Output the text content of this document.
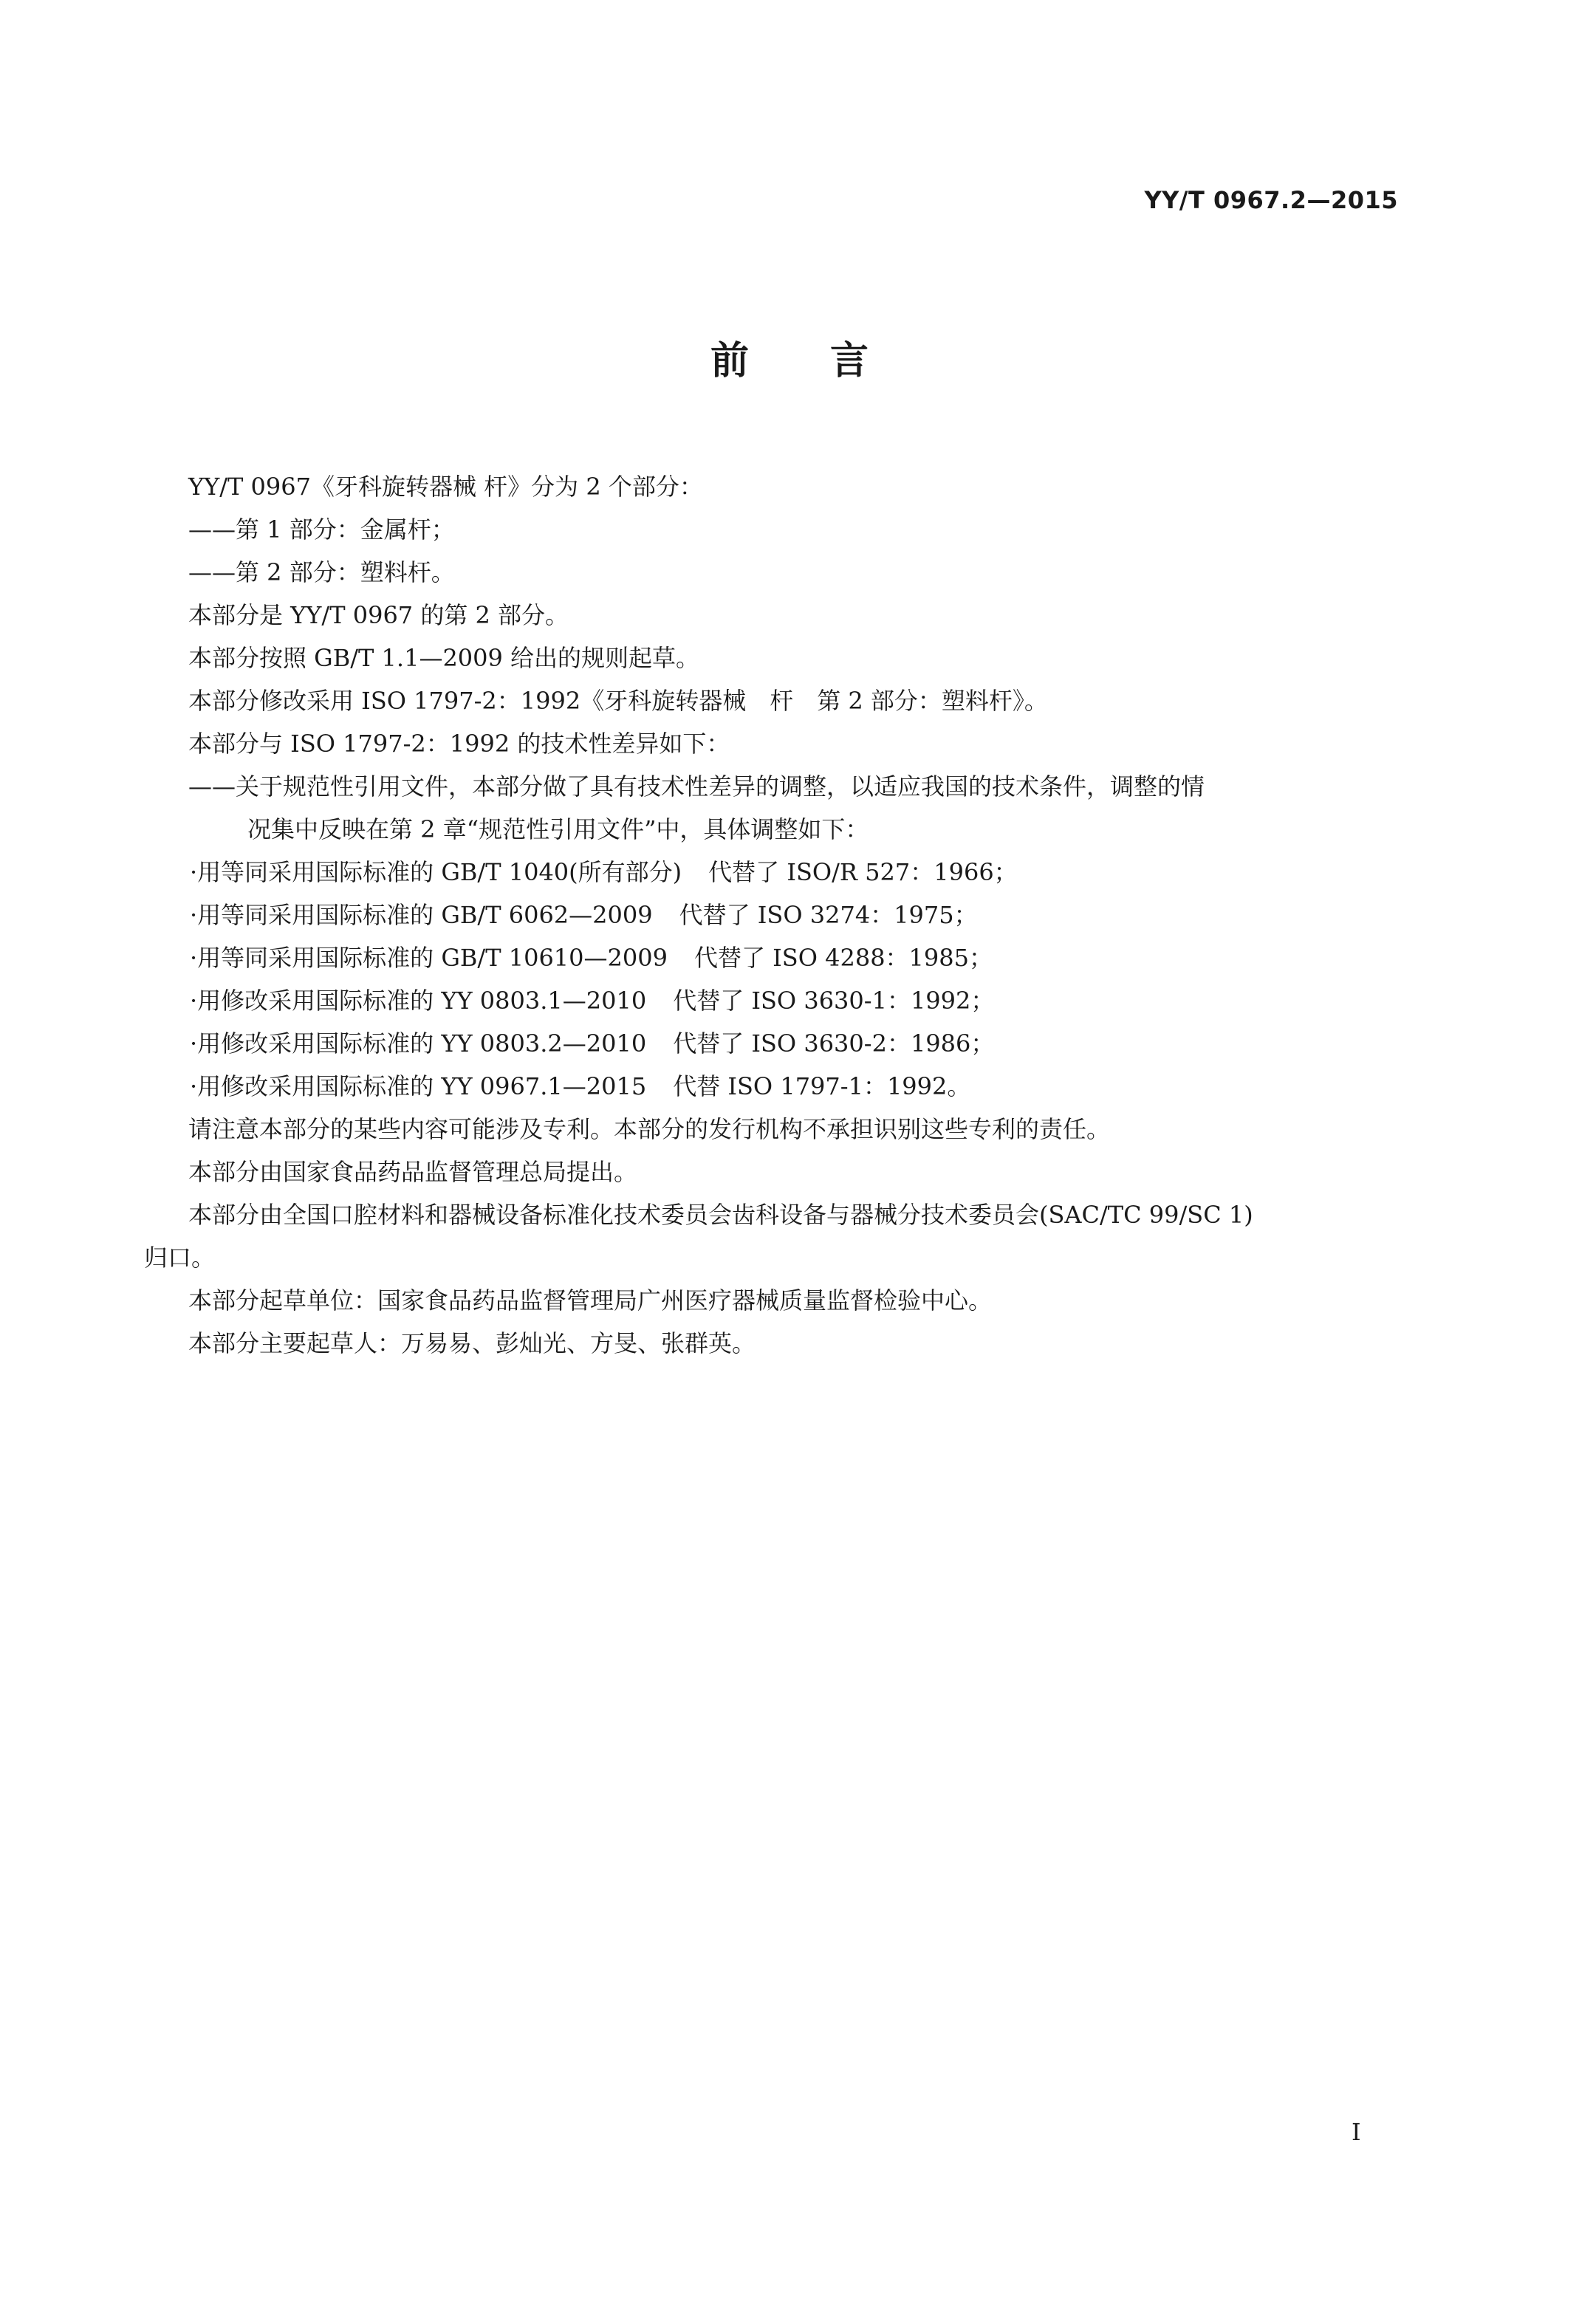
YY/T 0967.2—2015
前言

YY/T 0967《牙科旋转器械 杆》分为 2 个部分：

——第 1 部分：金属杆；

——第 2 部分：塑料杆。

本部分是 YY/T 0967 的第 2 部分。

本部分按照 GB/T 1.1—2009 给出的规则起草。

本部分修改采用 ISO 1797-2：1992《牙科旋转器械　杆　第 2 部分：塑料杆》。

本部分与 ISO 1797-2：1992 的技术性差异如下：

——关于规范性引用文件，本部分做了具有技术性差异的调整，以适应我国的技术条件，调整的情

况集中反映在第 2 章“规范性引用文件”中，具体调整如下：

·用等同采用国际标准的 GB/T 1040(所有部分) 代替了 ISO/R 527：1966；

·用等同采用国际标准的 GB/T 6062—2009 代替了 ISO 3274：1975；

·用等同采用国际标准的 GB/T 10610—2009 代替了 ISO 4288：1985；

·用修改采用国际标准的 YY 0803.1—2010 代替了 ISO 3630-1：1992；

·用修改采用国际标准的 YY 0803.2—2010 代替了 ISO 3630-2：1986；

·用修改采用国际标准的 YY 0967.1—2015 代替 ISO 1797-1：1992。

请注意本部分的某些内容可能涉及专利。本部分的发行机构不承担识别这些专利的责任。

本部分由国家食品药品监督管理总局提出。

本部分由全国口腔材料和器械设备标准化技术委员会齿科设备与器械分技术委员会(SAC/TC 99/SC 1)

归口。

本部分起草单位：国家食品药品监督管理局广州医疗器械质量监督检验中心。

本部分主要起草人：万易易、彭灿光、方旻、张群英。

I
